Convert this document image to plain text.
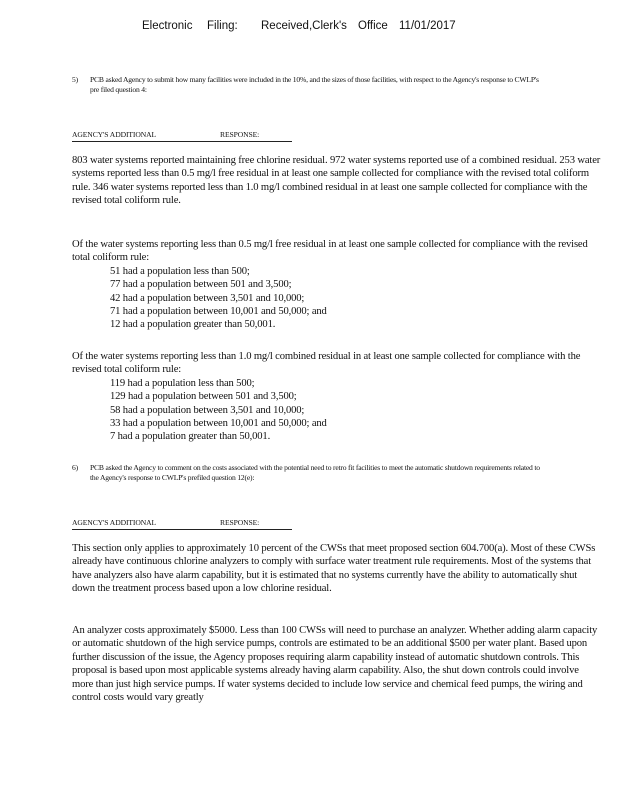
Electronic Filing: Received,Clerk's Office 11/01/2017
5) PCB asked Agency to submit how many facilities were included in the 10%, and the sizes of those facilities, with respect to the Agency's response to CWLP's pre filed question 4:
AGENCY'S ADDITIONAL	RESPONSE:

803 water systems reported maintaining free chlorine residual. 972 water systems reported use of a combined residual. 253 water systems reported less than 0.5 mg/l free residual in at least one sample collected for compliance with the revised total coliform rule. 346 water systems reported less than 1.0 mg/l combined residual in at least one sample collected for compliance with the revised total coliform rule.

Of the water systems reporting less than 0.5 mg/l free residual in at least one sample collected for compliance with the revised total coliform rule:

51 had a population less than 500;
77 had a population between 501 and 3,500;
42 had a population between 3,501 and 10,000;
71 had a population between 10,001 and 50,000; and
12 had a population greater than 50,001.

Of the water systems reporting less than 1.0 mg/l combined residual in at least one sample collected for compliance with the revised total coliform rule:

119 had a population less than 500;
129 had a population between 501 and 3,500;
58 had a population between 3,501 and 10,000;
33 had a population between 10,001 and 50,000; and
7 had a population greater than 50,001.
6) PCB asked the Agency to comment on the costs associated with the potential need to retro fit facilities to meet the automatic shutdown requirements related to the Agency's response to CWLP's prefiled question 12(e):
AGENCY'S ADDITIONAL	RESPONSE:

This section only applies to approximately 10 percent of the CWSs that meet proposed section 604.700(a). Most of these CWSs already have continuous chlorine analyzers to comply with surface water treatment rule requirements. Most of the systems that have analyzers also have alarm capability, but it is estimated that no systems currently have the ability to automatically shut down the treatment process based upon a low chlorine residual.

An analyzer costs approximately $5000. Less than 100 CWSs will need to purchase an analyzer. Whether adding alarm capacity or automatic shutdown of the high service pumps, controls are estimated to be an additional $500 per water plant. Based upon further discussion of the issue, the Agency proposes requiring alarm capability instead of automatic shutdown controls. This proposal is based upon most applicable systems already having alarm capability. Also, the shut down controls could involve more than just high service pumps. If water systems decided to include low service and chemical feed pumps, the wiring and control costs would vary greatly
